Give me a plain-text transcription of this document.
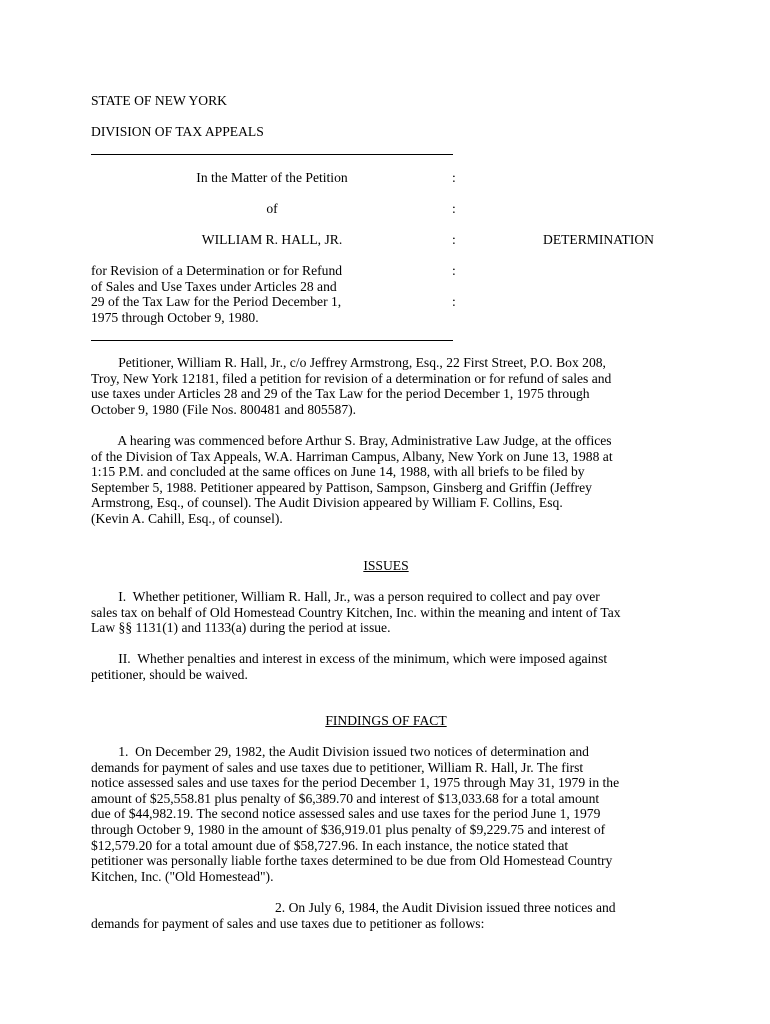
STATE OF NEW YORK
DIVISION OF TAX APPEALS
In the Matter of the Petition	:
of	:
WILLIAM R. HALL, JR.	:	DETERMINATION
for Revision of a Determination or for Refund
of Sales and Use Taxes under Articles 28 and
29 of the Tax Law for the Period December 1,
1975 through October 9, 1980.
:
:
Petitioner, William R. Hall, Jr., c/o Jeffrey Armstrong, Esq., 22 First Street, P.O. Box 208,
Troy, New York 12181, filed a petition for revision of a determination or for refund of sales and
use taxes under Articles 28 and 29 of the Tax Law for the period December 1, 1975 through
October 9, 1980 (File Nos. 800481 and 805587).
A hearing was commenced before Arthur S. Bray, Administrative Law Judge, at the offices
of the Division of Tax Appeals, W.A. Harriman Campus, Albany, New York on June 13, 1988 at
1:15 P.M. and concluded at the same offices on June 14, 1988, with all briefs to be filed by
September 5, 1988. Petitioner appeared by Pattison, Sampson, Ginsberg and Griffin (Jeffrey
Armstrong, Esq., of counsel). The Audit Division appeared by William F. Collins, Esq.
(Kevin A. Cahill, Esq., of counsel).
ISSUES
I.  Whether petitioner, William R. Hall, Jr., was a person required to collect and pay over
sales tax on behalf of Old Homestead Country Kitchen, Inc. within the meaning and intent of Tax
Law §§ 1131(1) and 1133(a) during the period at issue.
II.  Whether penalties and interest in excess of the minimum, which were imposed against
petitioner, should be waived.
FINDINGS OF FACT
1.  On December 29, 1982, the Audit Division issued two notices of determination and
demands for payment of sales and use taxes due to petitioner, William R. Hall, Jr. The first
notice assessed sales and use taxes for the period December 1, 1975 through May 31, 1979 in the
amount of $25,558.81 plus penalty of $6,389.70 and interest of $13,033.68 for a total amount
due of $44,982.19. The second notice assessed sales and use taxes for the period June 1, 1979
through October 9, 1980 in the amount of $36,919.01 plus penalty of $9,229.75 and interest of
$12,579.20 for a total amount due of $58,727.96. In each instance, the notice stated that
petitioner was personally liable forthe taxes determined to be due from Old Homestead Country
Kitchen, Inc. ("Old Homestead").
2. On July 6, 1984, the Audit Division issued three notices and
demands for payment of sales and use taxes due to petitioner as follows:
